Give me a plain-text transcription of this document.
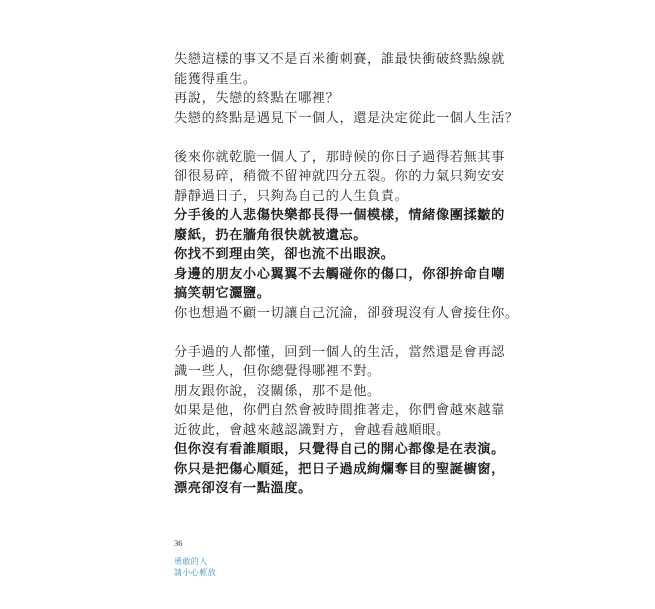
失戀這樣的事又不是百米衝刺賽，誰最快衝破終點線就
能獲得重生。
再說，失戀的終點在哪裡？
失戀的終點是遇見下一個人，還是決定從此一個人生活？
後來你就乾脆一個人了，那時候的你日子過得若無其事
卻很易碎，稍微不留神就四分五裂。你的力氣只夠安安
靜靜過日子，只夠為自己的人生負責。
分手後的人悲傷快樂都長得一個模樣，情緒像團揉皺的
廢紙，扔在牆角很快就被遺忘。
你找不到理由笑，卻也流不出眼淚。
身邊的朋友小心翼翼不去觸碰你的傷口，你卻拚命自嘲
搞笑朝它灑鹽。
你也想過不顧一切讓自己沉淪，卻發現沒有人會接住你。
分手過的人都懂，回到一個人的生活，當然還是會再認
識一些人，但你總覺得哪裡不對。
朋友跟你說，沒關係，那不是他。
如果是他，你們自然會被時間推著走，你們會越來越靠
近彼此，會越來越認識對方，會越看越順眼。
但你沒有看誰順眼，只覺得自己的開心都像是在表演。
你只是把傷心順延，把日子過成絢爛奪目的聖誕櫥窗，
漂亮卻沒有一點溫度。
36
勇敢的人
請小心輕放
